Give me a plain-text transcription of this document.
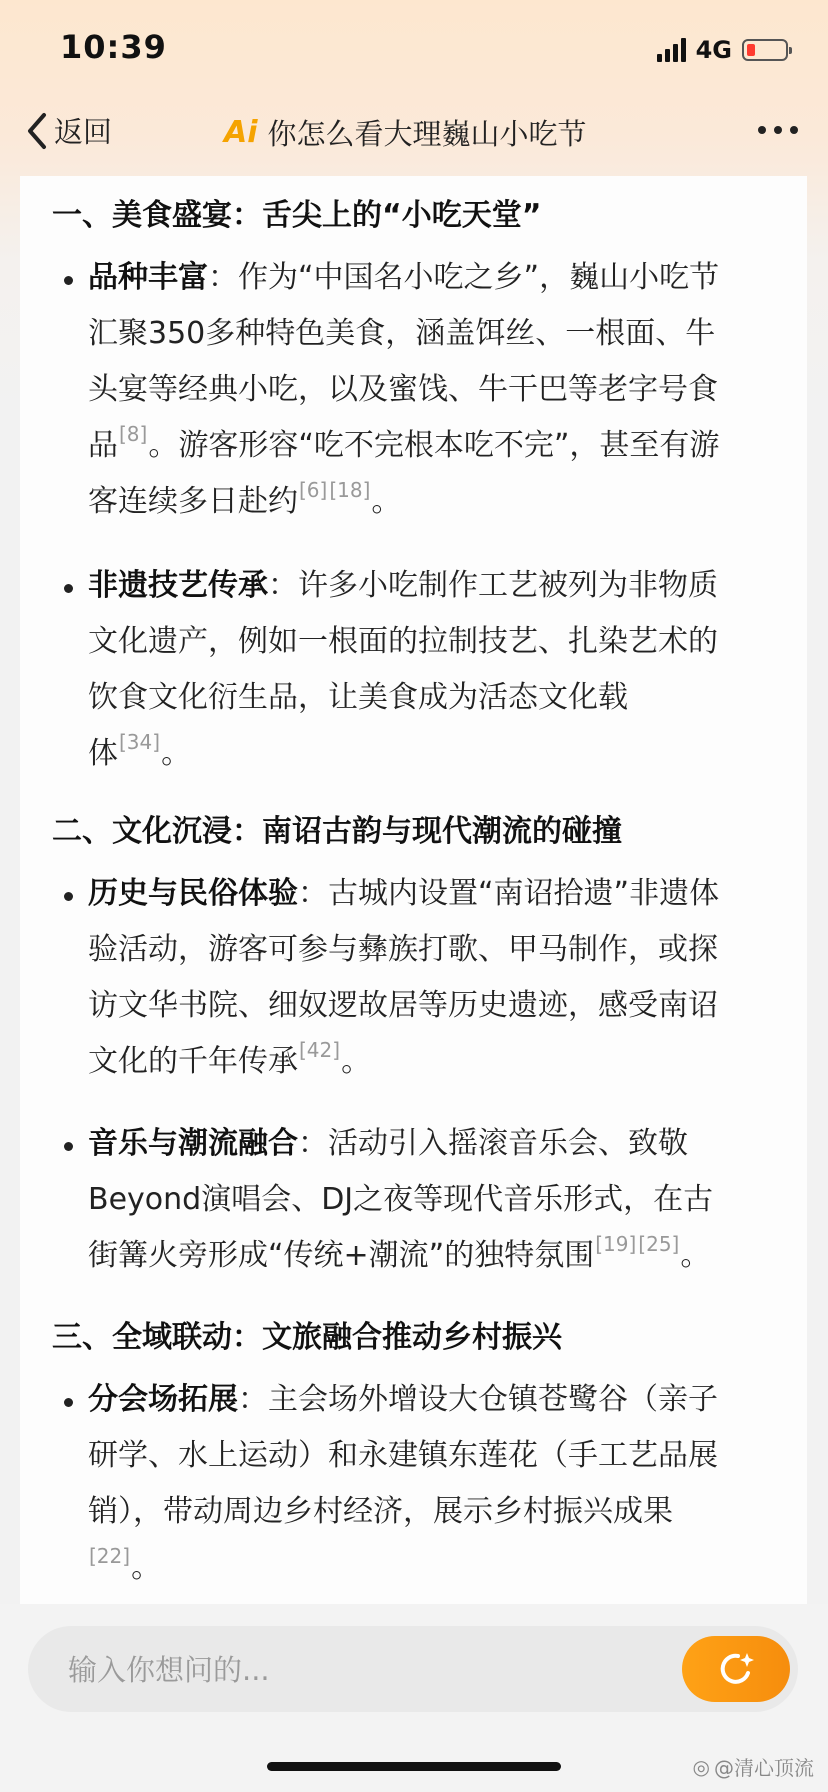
10:39	4G
返回	Ai 你怎么看大理巍山小吃节
一、美食盛宴：舌尖上的“小吃天堂”
品种丰富：作为“中国名小吃之乡”，巍山小吃节
汇聚350多种特色美食，涵盖饵丝、一根面、牛
头宴等经典小吃，以及蜜饯、牛干巴等老字号食
品[8]。游客形容“吃不完根本吃不完”，甚至有游
客连续多日赴约[6] [18]。
非遗技艺传承：许多小吃制作工艺被列为非物质
文化遗产，例如一根面的拉制技艺、扎染艺术的
饮食文化衍生品，让美食成为活态文化载
体[34]。
二、文化沉浸：南诏古韵与现代潮流的碰撞
历史与民俗体验：古城内设置“南诏拾遗”非遗体
验活动，游客可参与彝族打歌、甲马制作，或探
访文华书院、细奴逻故居等历史遗迹，感受南诏
文化的千年传承[42]。
音乐与潮流融合：活动引入摇滚音乐会、致敬
Beyond演唱会、DJ之夜等现代音乐形式，在古
街篝火旁形成“传统+潮流”的独特氛围[19] [25]。
三、全域联动：文旅融合推动乡村振兴
分会场拓展：主会场外增设大仓镇苍鹭谷（亲子
研学、水上运动）和永建镇东莲花（手工艺品展
销），带动周边乡村经济，展示乡村振兴成果
[22]。
输入你想问的...
◎ @清心顶流
